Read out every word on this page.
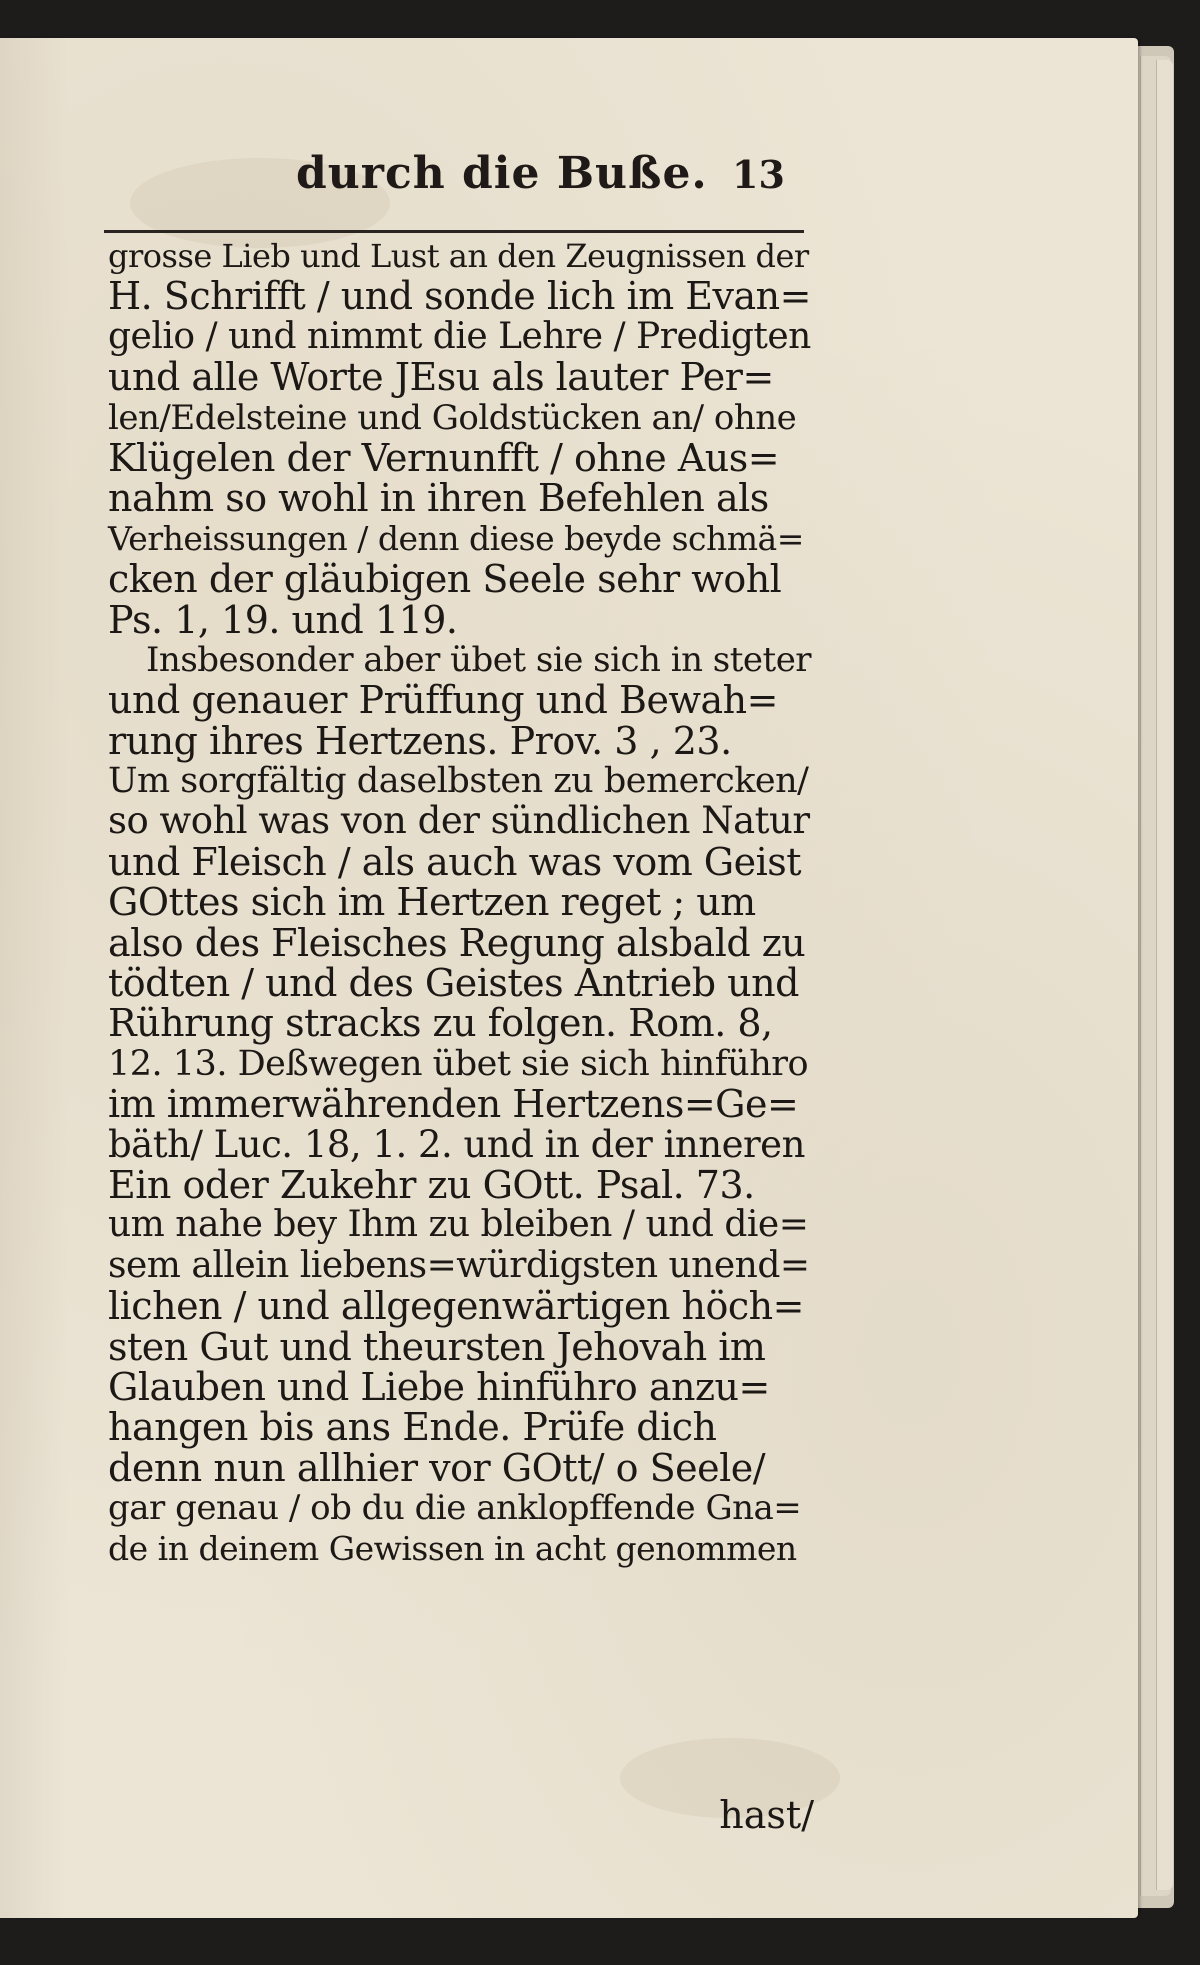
durch die Buße. 13
grosse Lieb und Lust an den Zeugnissen der
H. Schrifft / und sonde lich im Evan=
gelio / und nimmt die Lehre / Predigten
und alle Worte JEsu als lauter Per=
len/Edelsteine und Goldstücken an/ ohne
Klügelen der Vernunfft / ohne Aus=
nahm so wohl in ihren Befehlen als
Verheissungen / denn diese beyde schmä=
cken der gläubigen Seele sehr wohl
Ps. 1, 19. und 119.
Insbesonder aber übet sie sich in steter
und genauer Prüffung und Bewah=
rung ihres Hertzens. Prov. 3 , 23.
Um sorgfältig daselbsten zu bemercken/
so wohl was von der sündlichen Natur
und Fleisch / als auch was vom Geist
GOttes sich im Hertzen reget ; um
also des Fleisches Regung alsbald zu
tödten / und des Geistes Antrieb und
Rührung stracks zu folgen. Rom. 8,
12. 13. Deßwegen übet sie sich hinführo
im immerwährenden Hertzens=Ge=
bäth/ Luc. 18, 1. 2. und in der inneren
Ein oder Zukehr zu GOtt. Psal. 73.
um nahe bey Ihm zu bleiben / und die=
sem allein liebens=würdigsten unend=
lichen / und allgegenwärtigen höch=
sten Gut und theursten Jehovah im
Glauben und Liebe hinführo anzu=
hangen bis ans Ende. Prüfe dich
denn nun allhier vor GOtt/ o Seele/
gar genau / ob du die anklopffende Gna=
de in deinem Gewissen in acht genommen
hast/
